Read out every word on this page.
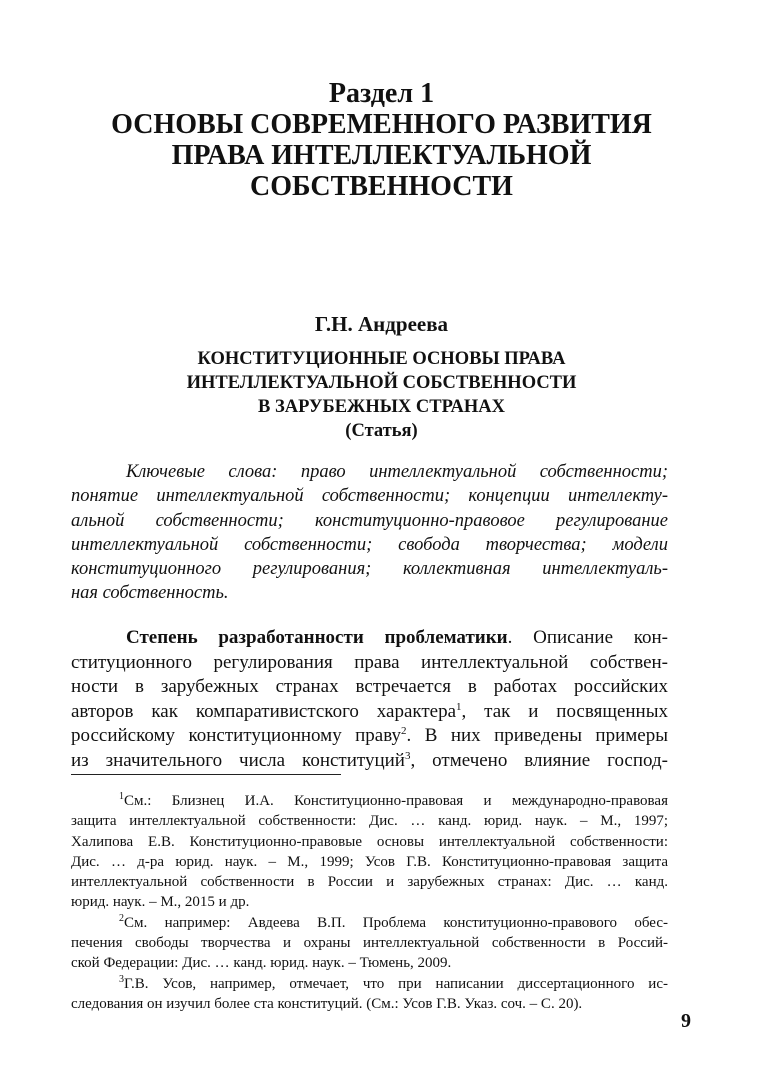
Раздел 1
ОСНОВЫ СОВРЕМЕННОГО РАЗВИТИЯ
ПРАВА ИНТЕЛЛЕКТУАЛЬНОЙ
СОБСТВЕННОСТИ
Г.Н. Андреева
КОНСТИТУЦИОННЫЕ ОСНОВЫ ПРАВА
ИНТЕЛЛЕКТУАЛЬНОЙ СОБСТВЕННОСТИ
В ЗАРУБЕЖНЫХ СТРАНАХ
(Статья)
Ключевые слова: право интеллектуальной собственности;
понятие интеллектуальной собственности; концепции интеллекту-
альной собственности; конституционно-правовое регулирование
интеллектуальной собственности; свобода творчества; модели
конституционного регулирования; коллективная интеллектуаль-
ная собственность.
Степень разработанности проблематики. Описание кон-
ституционного регулирования права интеллектуальной собствен-
ности в зарубежных странах встречается в работах российских
авторов как компаративистского характера$^1$, так и посвященных
российскому конституционному праву$^2$. В них приведены примеры
из значительного числа конституций$^3$, отмечено влияние господ-
$^1$См.: Близнец И.А. Конституционно-правовая и международно-правовая
защита интеллектуальной собственности: Дис. … канд. юрид. наук. – М., 1997;
Халипова Е.В. Конституционно-правовые основы интеллектуальной собственности:
Дис. … д-ра юрид. наук. – М., 1999; Усов Г.В. Конституционно-правовая защита
интеллектуальной собственности в России и зарубежных странах: Дис. … канд.
юрид. наук. – М., 2015 и др.
$^2$См. например: Авдеева В.П. Проблема конституционно-правового обес-
печения свободы творчества и охраны интеллектуальной собственности в Россий-
ской Федерации: Дис. … канд. юрид. наук. – Тюмень, 2009.
$^3$Г.В. Усов, например, отмечает, что при написании диссертационного ис-
следования он изучил более ста конституций. (См.: Усов Г.В. Указ. соч. – С. 20).
9
